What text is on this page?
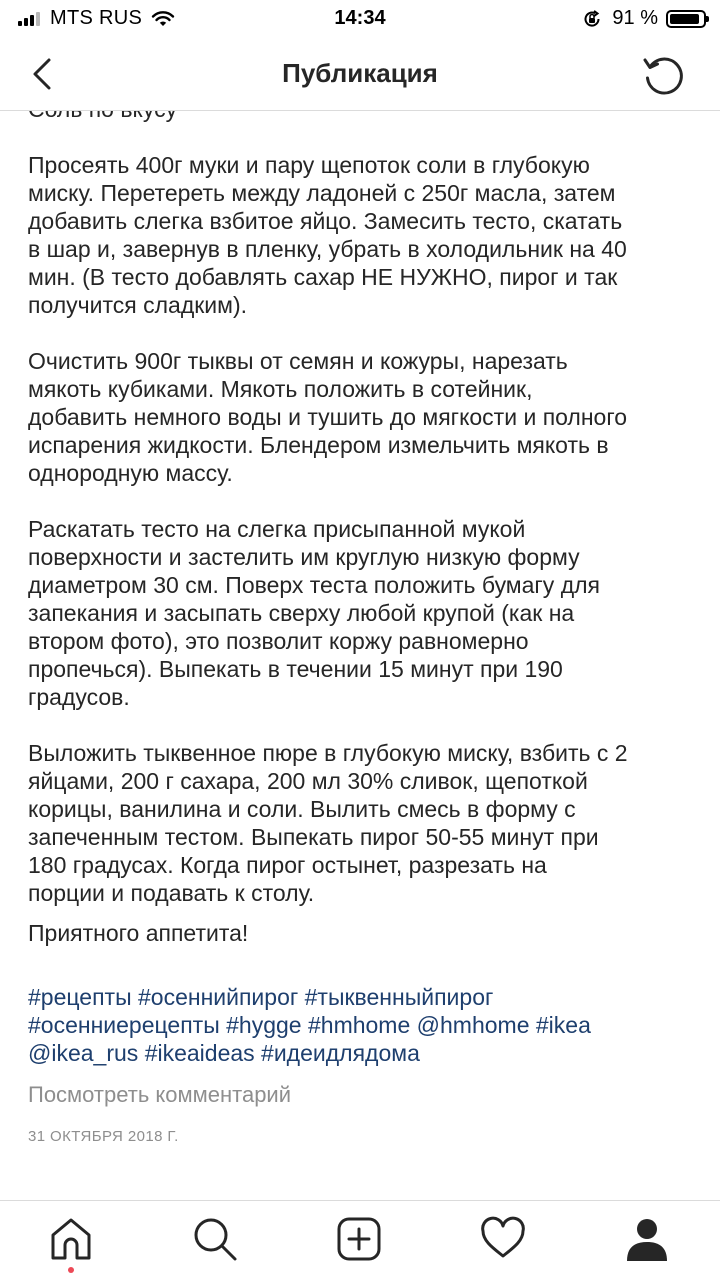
MTS RUS	14:34	91 %
Публикация

Просеять 400г муки и пару щепоток соли в глубокую
миску. Перетереть между ладоней с 250г масла, затем
добавить слегка взбитое яйцо. Замесить тесто, скатать
в шар и, завернув в пленку, убрать в холодильник на 40
мин. (В тесто добавлять сахар НЕ НУЖНО, пирог и так
получится сладким).

Очистить 900г тыквы от семян и кожуры, нарезать
мякоть кубиками. Мякоть положить в сотейник,
добавить немного воды и тушить до мягкости и полного
испарения жидкости. Блендером измельчить мякоть в
однородную массу.

Раскатать тесто на слегка присыпанной мукой
поверхности и застелить им круглую низкую форму
диаметром 30 см. Поверх теста положить бумагу для
запекания и засыпать сверху любой крупой (как на
втором фото), это позволит коржу равномерно
пропечься). Выпекать в течении 15 минут при 190
градусов.

Выложить тыквенное пюре в глубокую миску, взбить с 2
яйцами, 200 г сахара, 200 мл 30% сливок, щепоткой
корицы, ванилина и соли. Вылить смесь в форму с
запеченным тестом. Выпекать пирог 50-55 минут при
180 градусах. Когда пирог остынет, разрезать на
порции и подавать к столу.

Приятного аппетита!

#рецепты #осеннийпирог #тыквенныйпирог
#осенниерецепты #hygge #hmhome @hmhome #ikea
@ikea_rus #ikeaideas #идеидлядома
Посмотреть комментарий
31 ОКТЯБРЯ 2018 Г.
